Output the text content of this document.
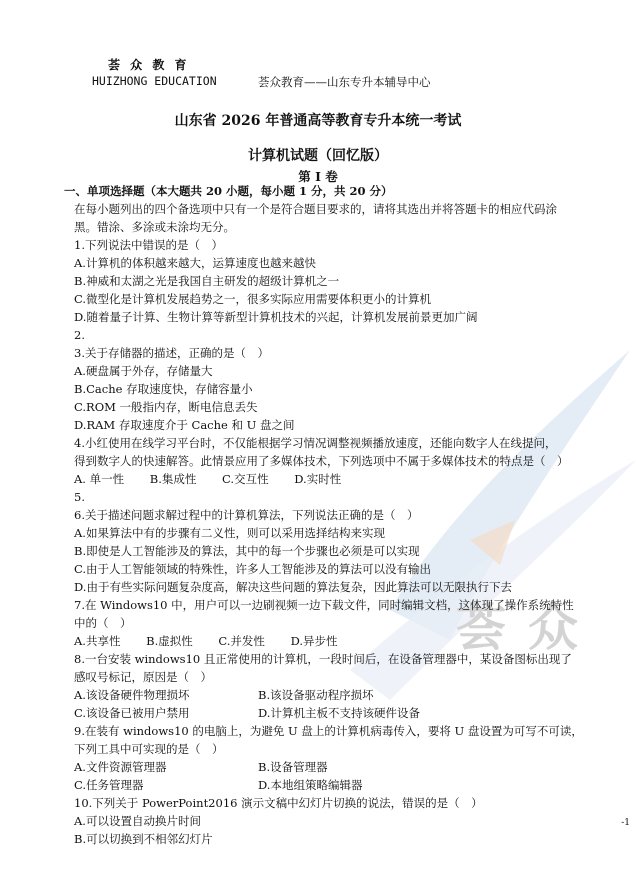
荟众
荟 众 教 育
HUIZHONG EDUCATION	荟众教育——山东专升本辅导中心
山东省 2026 年普通高等教育专升本统一考试
计算机试题（回忆版）
第 I 卷
一、单项选择题（本大题共 20 小题，每小题 1 分，共 20 分）
在每小题列出的四个备选项中只有一个是符合题目要求的，请将其选出并将答题卡的相应代码涂
黑。错涂、多涂或未涂均无分。
1.下列说法中错误的是（　）
A.计算机的体积越来越大，运算速度也越来越快
B.神威和太湖之光是我国自主研发的超级计算机之一
C.微型化是计算机发展趋势之一，很多实际应用需要体积更小的计算机
D.随着量子计算、生物计算等新型计算机技术的兴起，计算机发展前景更加广阔
2.
3.关于存储器的描述，正确的是（　）
A.硬盘属于外存，存储量大
B.Cache 存取速度快，存储容量小
C.ROM 一般指内存，断电信息丢失
D.RAM 存取速度介于 Cache 和 U 盘之间
4.小红使用在线学习平台时，不仅能根据学习情况调整视频播放速度，还能向数字人在线提问，
得到数字人的快速解答。此情景应用了多媒体技术，下列选项中不属于多媒体技术的特点是（　）
A. 单一性 B.集成性 C.交互性 D.实时性
5.
6.关于描述问题求解过程中的计算机算法，下列说法正确的是（　）
A.如果算法中有的步骤有二义性，则可以采用选择结构来实现
B.即使是人工智能涉及的算法，其中的每一个步骤也必须是可以实现
C.由于人工智能领域的特殊性，许多人工智能涉及的算法可以没有输出
D.由于有些实际问题复杂度高，解决这些问题的算法复杂，因此算法可以无限执行下去
7.在 Windows10 中，用户可以一边刷视频一边下载文件，同时编辑文档，这体现了操作系统特性
中的（　）
A.共享性 B.虚拟性 C.并发性 D.异步性
8.一台安装 windows10 且正常使用的计算机，一段时间后，在设备管理器中，某设备图标出现了
感叹号标记，原因是（　）
A.该设备硬件物理损坏	B.该设备驱动程序损坏
C.该设备已被用户禁用	D.计算机主板不支持该硬件设备
9.在装有 windows10 的电脑上，为避免 U 盘上的计算机病毒传入，要将 U 盘设置为可写不可读，
下列工具中可实现的是（　）
A.文件资源管理器	B.设备管理器
C.任务管理器	D.本地组策略编辑器
10.下列关于 PowerPoint2016 演示文稿中幻灯片切换的说法，错误的是（　）
A.可以设置自动换片时间
B.可以切换到不相邻幻灯片
-1
